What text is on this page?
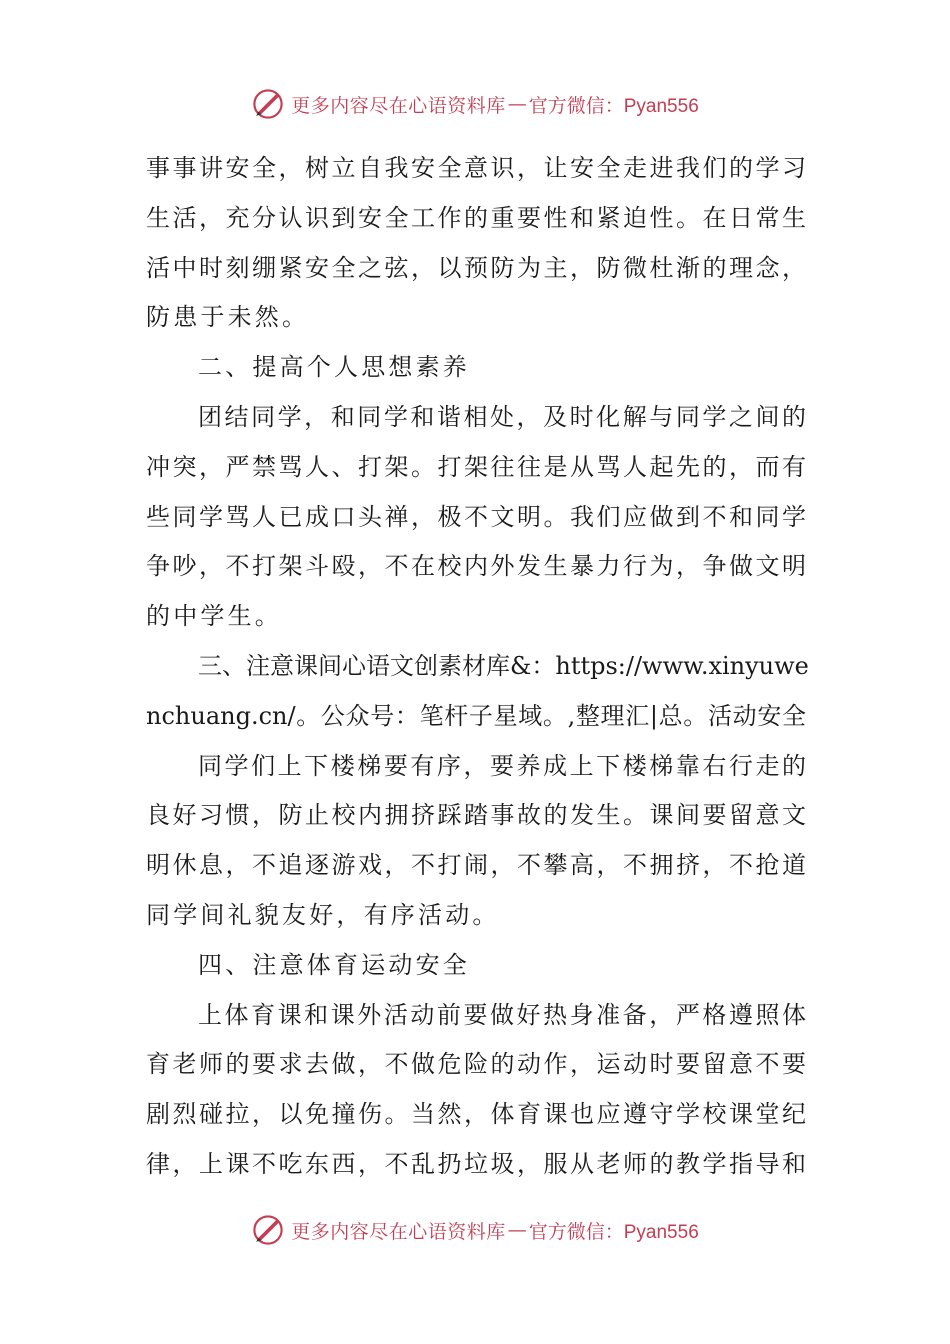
更多内容尽在心语资料库 — 官方微信：Pyan556
事事讲安全，树立自我安全意识，让安全走进我们的学习
生活，充分认识到安全工作的重要性和紧迫性。在日常生
活中时刻绷紧安全之弦，以预防为主，防微杜渐的理念，
防患于未然。
二、提高个人思想素养
团结同学，和同学和谐相处，及时化解与同学之间的
冲突，严禁骂人、打架。打架往往是从骂人起先的，而有
些同学骂人已成口头禅，极不文明。我们应做到不和同学
争吵，不打架斗殴，不在校内外发生暴力行为，争做文明
的中学生。
三、注意课间心语文创素材库&：https://www.xinyuwe
nchuang.cn/。公众号：笔杆子星域。,整理汇|总。活动安全
同学们上下楼梯要有序，要养成上下楼梯靠右行走的
良好习惯，防止校内拥挤踩踏事故的发生。课间要留意文
明休息，不追逐游戏，不打闹，不攀高，不拥挤，不抢道
同学间礼貌友好，有序活动。
四、注意体育运动安全
上体育课和课外活动前要做好热身准备，严格遵照体
育老师的要求去做，不做危险的动作，运动时要留意不要
剧烈碰拉，以免撞伤。当然，体育课也应遵守学校课堂纪
律，上课不吃东西，不乱扔垃圾，服从老师的教学指导和
更多内容尽在心语资料库 — 官方微信：Pyan556
